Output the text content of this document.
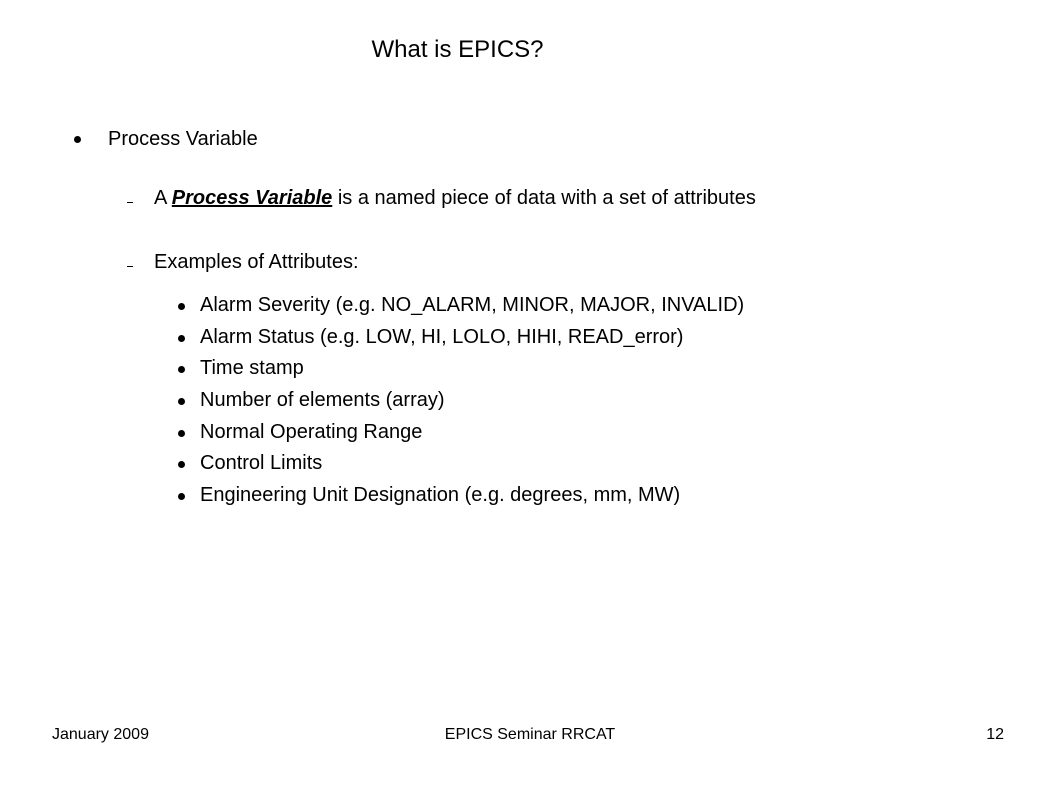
What is EPICS?
Process Variable
A Process Variable is a named piece of data with a set of attributes
Examples of Attributes:
Alarm Severity (e.g. NO_ALARM, MINOR, MAJOR, INVALID)
Alarm Status (e.g. LOW, HI, LOLO, HIHI, READ_error)
Time stamp
Number of elements (array)
Normal Operating Range
Control Limits
Engineering Unit Designation (e.g. degrees, mm, MW)
January 2009	EPICS Seminar RRCAT	12
